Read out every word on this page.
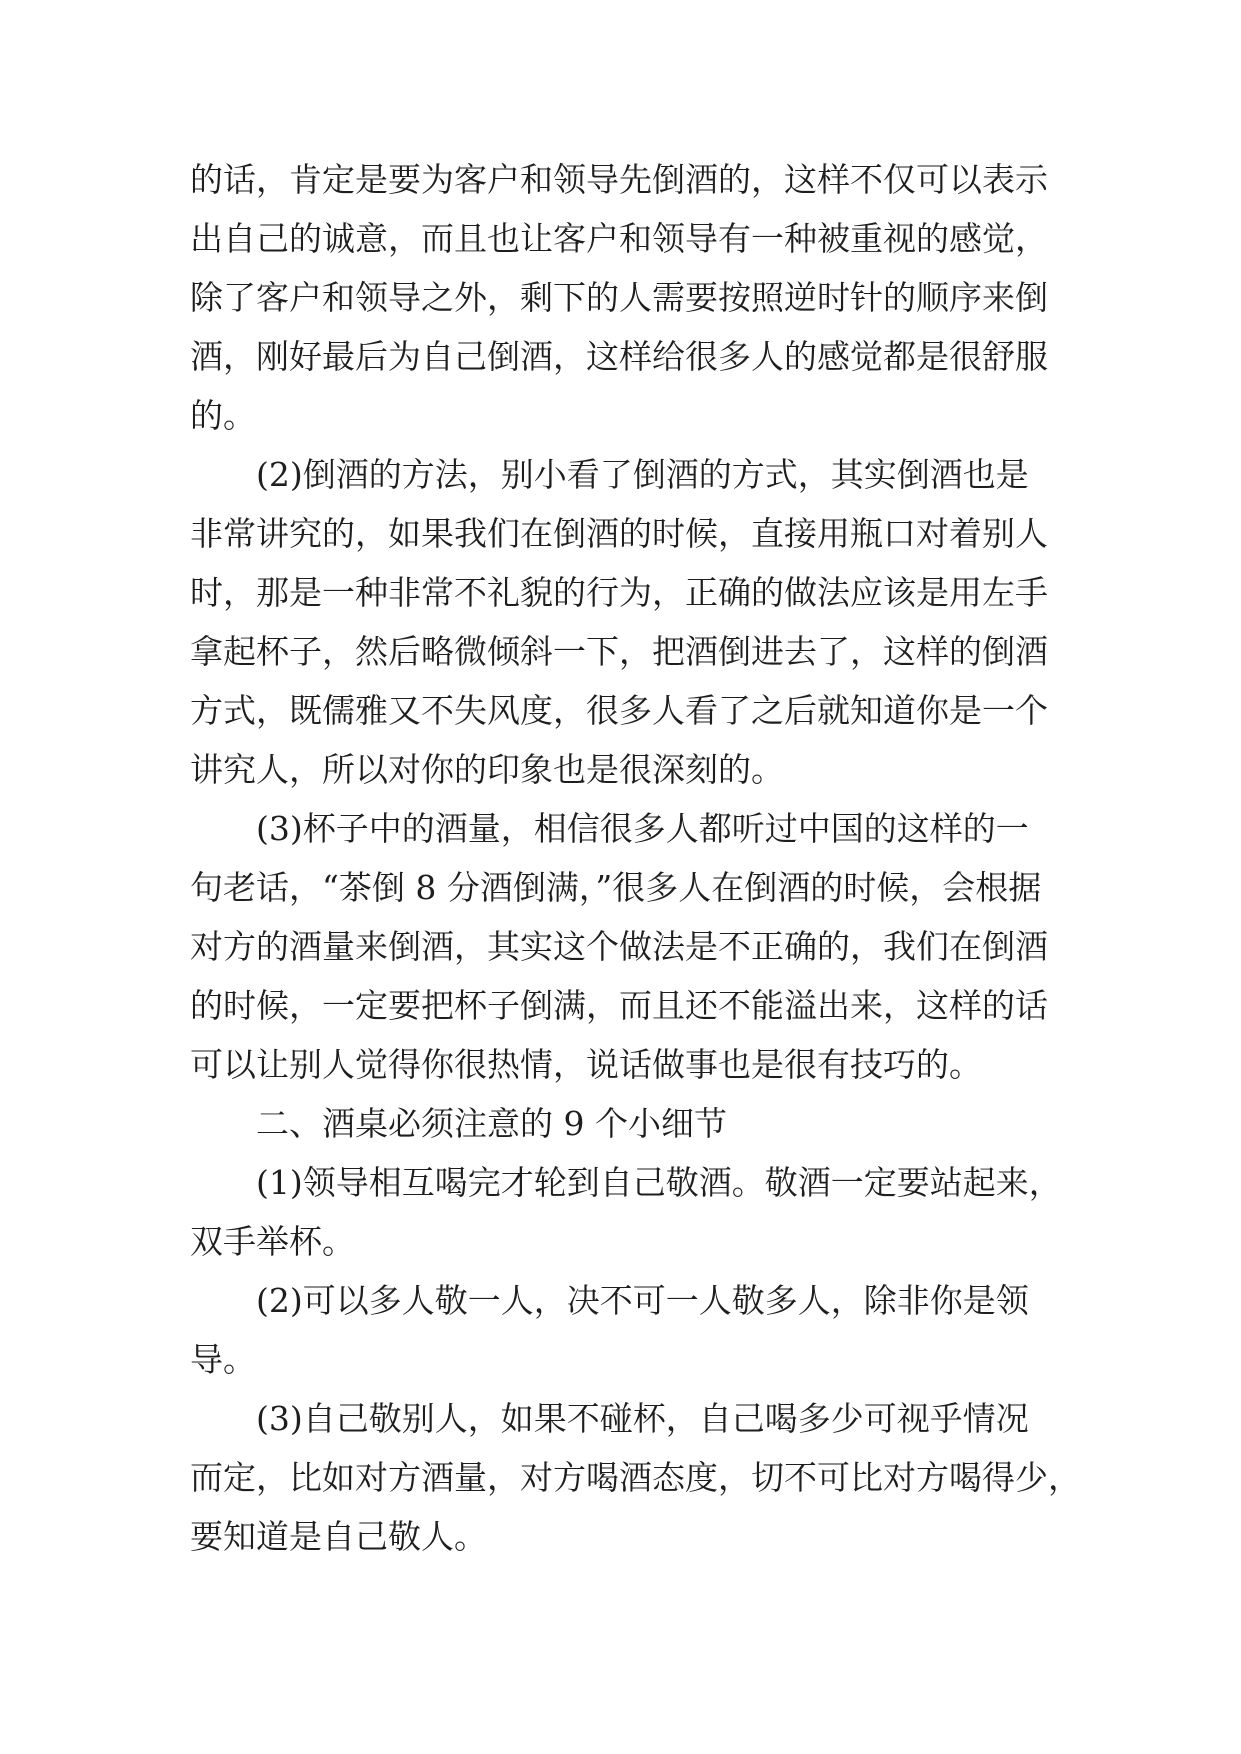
的话，肯定是要为客户和领导先倒酒的，这样不仅可以表示
出自己的诚意，而且也让客户和领导有一种被重视的感觉，
除了客户和领导之外，剩下的人需要按照逆时针的顺序来倒
酒，刚好最后为自己倒酒，这样给很多人的感觉都是很舒服
的。
(2)倒酒的方法，别小看了倒酒的方式，其实倒酒也是
非常讲究的，如果我们在倒酒的时候，直接用瓶口对着别人
时，那是一种非常不礼貌的行为，正确的做法应该是用左手
拿起杯子，然后略微倾斜一下，把酒倒进去了，这样的倒酒
方式，既儒雅又不失风度，很多人看了之后就知道你是一个
讲究人，所以对你的印象也是很深刻的。
(3)杯子中的酒量，相信很多人都听过中国的这样的一
句老话，“茶倒 8 分酒倒满，”很多人在倒酒的时候，会根据
对方的酒量来倒酒，其实这个做法是不正确的，我们在倒酒
的时候，一定要把杯子倒满，而且还不能溢出来，这样的话
可以让别人觉得你很热情，说话做事也是很有技巧的。
二、酒桌必须注意的 9 个小细节
(1)领导相互喝完才轮到自己敬酒。敬酒一定要站起来，
双手举杯。
(2)可以多人敬一人，决不可一人敬多人，除非你是领
导。
(3)自己敬别人，如果不碰杯，自己喝多少可视乎情况
而定，比如对方酒量，对方喝酒态度，切不可比对方喝得少，
要知道是自己敬人。
